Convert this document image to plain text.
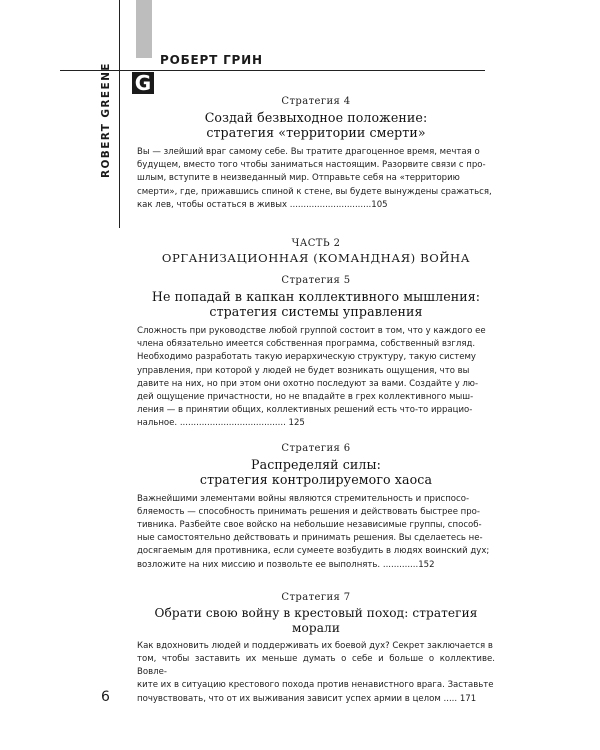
G
РОБЕРТ ГРИН
ROBERT GREENE	Стратегия 4

Создай безвыходное положение:
стратегия «территории смерти»

Вы — злейший враг самому себе. Вы тратите драгоценное время, мечтая о
будущем, вместо того чтобы заниматься настоящим. Разорвите связи с про-
шлым, вступите в неизведанный мир. Отправьте себя на «территорию
смерти», где, прижавшись спиной к стене, вы будете вынуждены сражаться,
как лев, чтобы остаться в живых ..............................105

ЧАСТЬ 2

ОРГАНИЗАЦИОННАЯ (КОМАНДНАЯ) ВОЙНА

Стратегия 5

Не попадай в капкан коллективного мышления:
стратегия системы управления

Сложность при руководстве любой группой состоит в том, что у каждого ее
члена обязательно имеется собственная программа, собственный взгляд.
Необходимо разработать такую иерархическую структуру, такую систему
управления, при которой у людей не будет возникать ощущения, что вы
давите на них, но при этом они охотно последуют за вами. Создайте у лю-
дей ощущение причастности, но не впадайте в грех коллективного мыш-
ления — в принятии общих, коллективных решений есть что-то иррацио-
нальное. ....................................... 125

Стратегия 6

Распределяй силы:
стратегия контролируемого хаоса

Важнейшими элементами войны являются стремительность и приспосо-
бляемость — способность принимать решения и действовать быстрее про-
тивника. Разбейте свое войско на небольшие независимые группы, способ-
ные самостоятельно действовать и принимать решения. Вы сделаетесь не-
досягаемым для противника, если сумеете возбудить в людях воинский дух;
возложите на них миссию и позвольте ее выполнять. .............152

Стратегия 7

Обрати свою войну в крестовый поход: стратегия морали

Как вдохновить людей и поддерживать их боевой дух? Секрет заключается в
том, чтобы заставить их меньше думать о себе и больше о коллективе. Вовле-
ките их в ситуацию крестового похода против ненавистного врага. Заставьте
почувствовать, что от их выживания зависит успех армии в целом ..... 171

6
